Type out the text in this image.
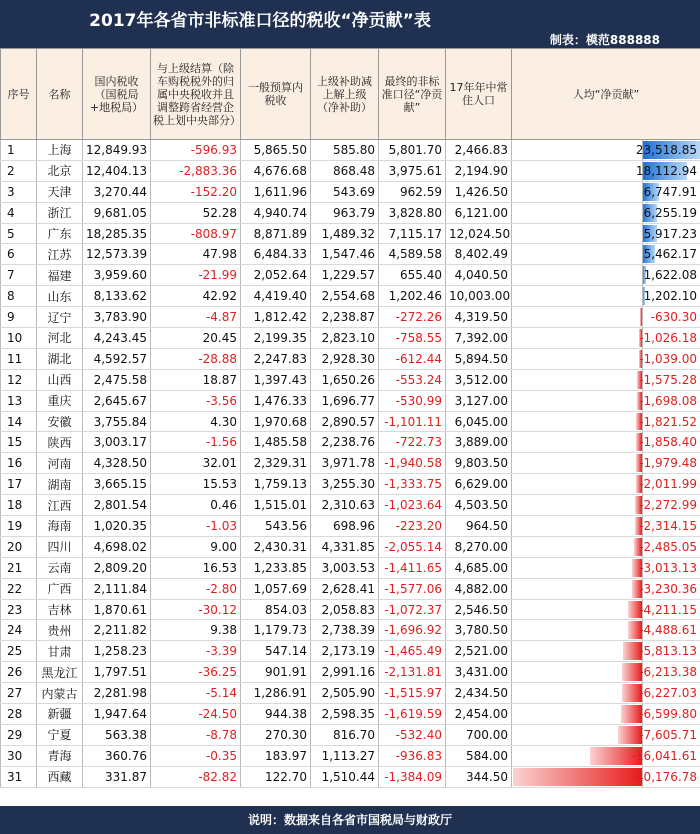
2017年各省市非标准口径的税收“净贡献”表
制表：模范888888
序号	名称	国内税收（国税局+地税局）	与上级结算（除车购税税外的归属中央税收并且调整跨省经营企税上划中央部分）	一般预算内税收	上级补助减上解上级（净补助）	最终的非标准口径“净贡献”	17年年中常住人口	人均“净贡献”
1	上海	12,849.93	-596.93	5,865.50	585.80	5,801.70	2,466.83	23,518.85

2	北京	12,404.13	-2,883.36	4,676.68	868.48	3,975.61	2,194.90	18,112.94

3	天津	3,270.44	-152.20	1,611.96	543.69	962.59	1,426.50	6,747.91

4	浙江	9,681.05	52.28	4,940.74	963.79	3,828.80	6,121.00	6,255.19

5	广东	18,285.35	-808.97	8,871.89	1,489.32	7,115.17	12,024.50	5,917.23

6	江苏	12,573.39	47.98	6,484.33	1,547.46	4,589.58	8,402.49	5,462.17

7	福建	3,959.60	-21.99	2,052.64	1,229.57	655.40	4,040.50	1,622.08

8	山东	8,133.62	42.92	4,419.40	2,554.68	1,202.46	10,003.00	1,202.10

9	辽宁	3,783.90	-4.87	1,812.42	2,238.87	-272.26	4,319.50	-630.30

10	河北	4,243.45	20.45	2,199.35	2,823.10	-758.55	7,392.00	-1,026.18

11	湖北	4,592.57	-28.88	2,247.83	2,928.30	-612.44	5,894.50	-1,039.00

12	山西	2,475.58	18.87	1,397.43	1,650.26	-553.24	3,512.00	-1,575.28

13	重庆	2,645.67	-3.56	1,476.33	1,696.77	-530.99	3,127.00	-1,698.08

14	安徽	3,755.84	4.30	1,970.68	2,890.57	-1,101.11	6,045.00	-1,821.52

15	陕西	3,003.17	-1.56	1,485.58	2,238.76	-722.73	3,889.00	-1,858.40

16	河南	4,328.50	32.01	2,329.31	3,971.78	-1,940.58	9,803.50	-1,979.48

17	湖南	3,665.15	15.53	1,759.13	3,255.30	-1,333.75	6,629.00	-2,011.99

18	江西	2,801.54	0.46	1,515.01	2,310.63	-1,023.64	4,503.50	-2,272.99

19	海南	1,020.35	-1.03	543.56	698.96	-223.20	964.50	-2,314.15

20	四川	4,698.02	9.00	2,430.31	4,331.85	-2,055.14	8,270.00	-2,485.05

21	云南	2,809.20	16.53	1,233.85	3,003.53	-1,411.65	4,685.00	-3,013.13

22	广西	2,111.84	-2.80	1,057.69	2,628.41	-1,577.06	4,882.00	-3,230.36

23	吉林	1,870.61	-30.12	854.03	2,058.83	-1,072.37	2,546.50	-4,211.15

24	贵州	2,211.82	9.38	1,179.73	2,738.39	-1,696.92	3,780.50	-4,488.61

25	甘肃	1,258.23	-3.39	547.14	2,173.19	-1,465.49	2,521.00	-5,813.13

26	黑龙江	1,797.51	-36.25	901.91	2,991.16	-2,131.81	3,431.00	-6,213.38

27	内蒙古	2,281.98	-5.14	1,286.91	2,505.90	-1,515.97	2,434.50	-6,227.03

28	新疆	1,947.64	-24.50	944.38	2,598.35	-1,619.59	2,454.00	-6,599.80

29	宁夏	563.38	-8.78	270.30	816.70	-532.40	700.00	-7,605.71

30	青海	360.76	-0.35	183.97	1,113.27	-936.83	584.00	-16,041.61

31	西藏	331.87	-82.82	122.70	1,510.44	-1,384.09	344.50	-40,176.78
说明：数据来自各省市国税局与财政厅
